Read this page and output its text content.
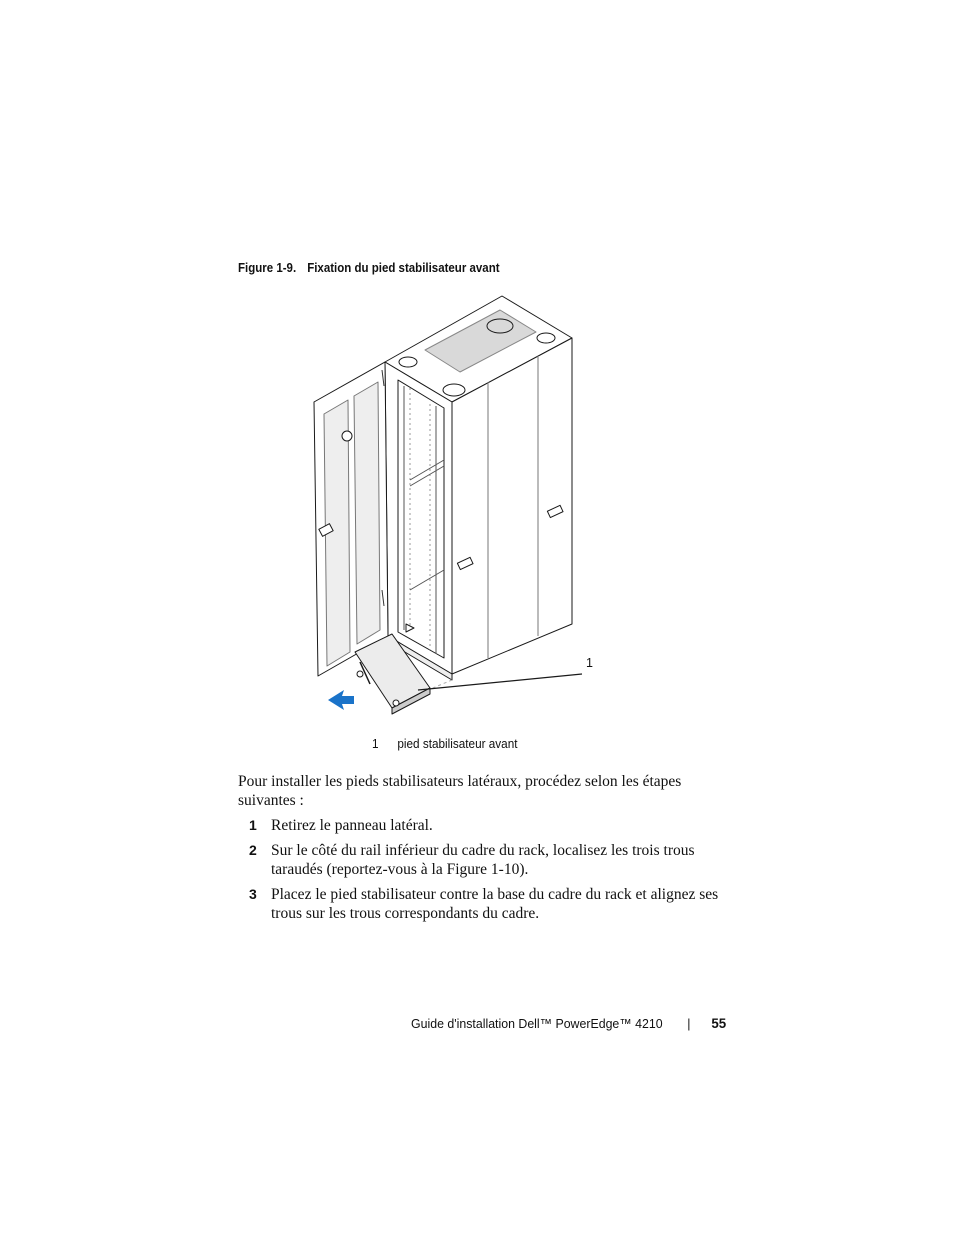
Figure 1-9. Fixation du pied stabilisateur avant
1
1 pied stabilisateur avant
Pour installer les pieds stabilisateurs latéraux, procédez selon les étapes suivantes :
1 Retirez le panneau latéral.
2 Sur le côté du rail inférieur du cadre du rack, localisez les trois trous taraudés (reportez-vous à la Figure 1-10).
3 Placez le pied stabilisateur contre la base du cadre du rack et alignez ses trous sur les trous correspondants du cadre.
Guide d'installation Dell™ PowerEdge™ 4210 | 55
